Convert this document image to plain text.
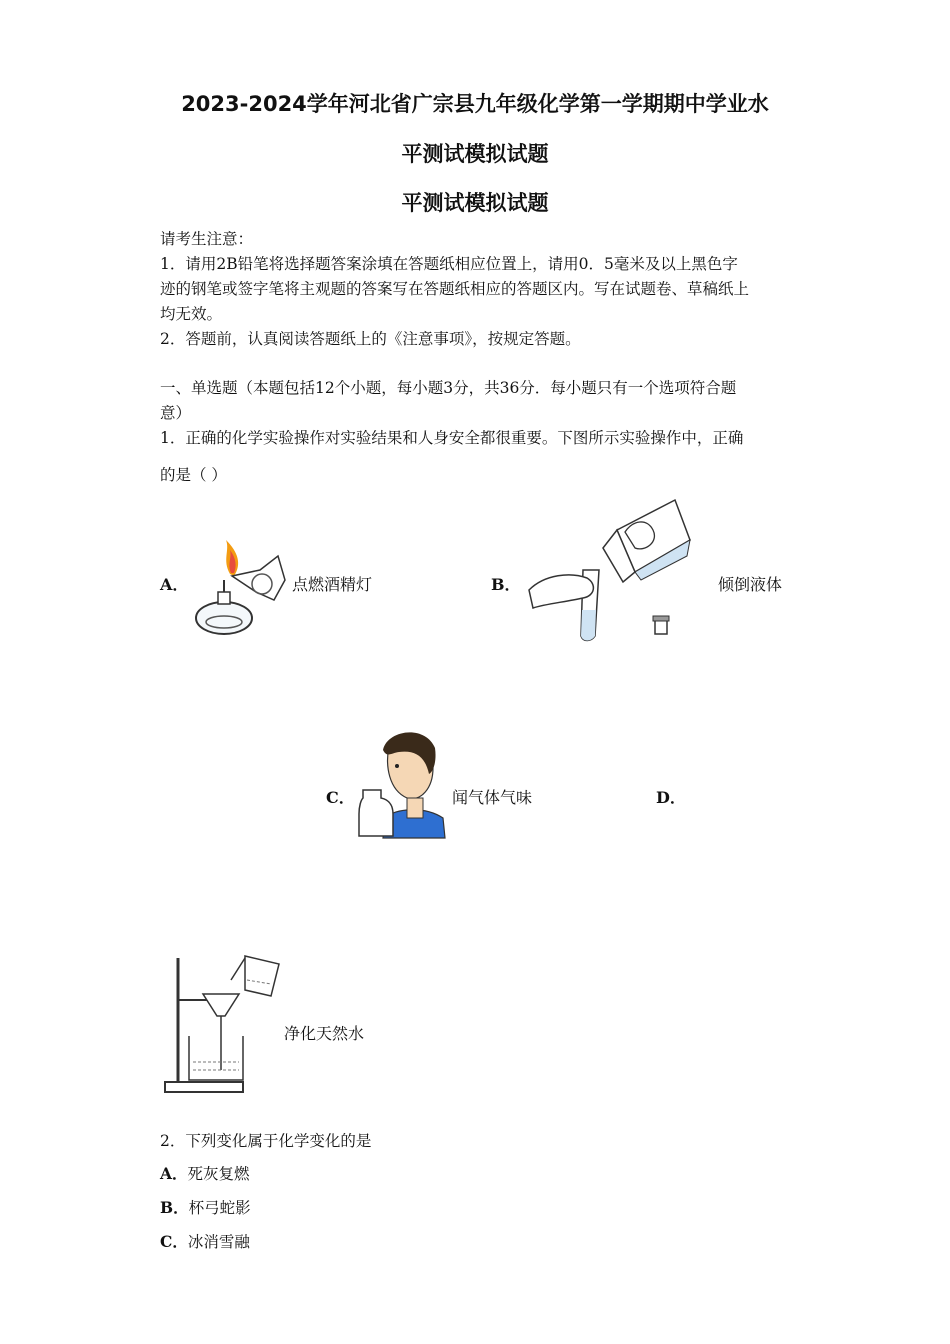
2023-2024学年河北省广宗县九年级化学第一学期期中学业水
平测试模拟试题
平测试模拟试题
请考生注意：
1．请用2B铅笔将选择题答案涂填在答题纸相应位置上，请用0．5毫米及以上黑色字
迹的钢笔或签字笔将主观题的答案写在答题纸相应的答题区内。写在试题卷、草稿纸上
均无效。
2．答题前，认真阅读答题纸上的《注意事项》，按规定答题。
一、单选题（本题包括12个小题，每小题3分，共36分．每小题只有一个选项符合题
意）
1．正确的化学实验操作对实验结果和人身安全都很重要。下图所示实验操作中，正确
的是（ ）
A．	点燃酒精灯	B．	倾倒液体
C．	闻气体气味	D．
净化天然水
2．下列变化属于化学变化的是
A．死灰复燃
B．杯弓蛇影
C．冰消雪融
